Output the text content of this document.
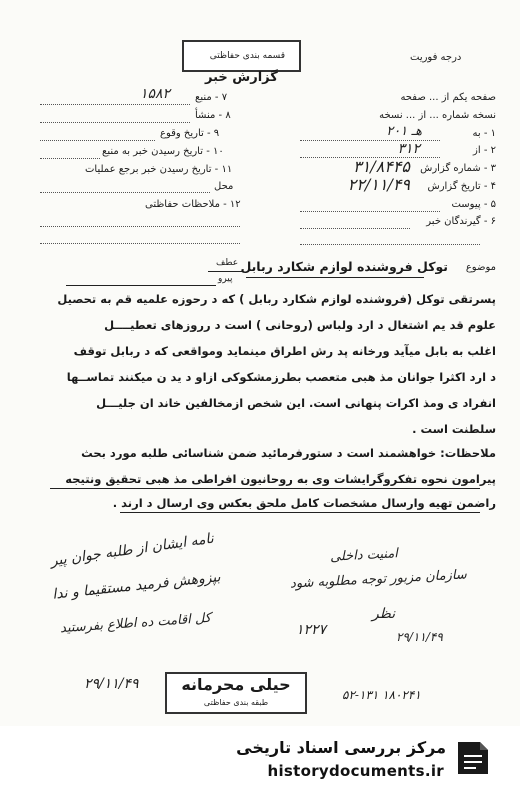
درجه فوریت
قسمه بندی حفاظتی
گزارش خبر
صفحه یکم از ... صفحه
نسخه شماره ... از ... نسخه
۱ - به
۲۰۱ هـ
۲ - از
۳۱۲
۳ - شماره گزارش
۳۱/۸۴۴۵
۴ - تاریخ گزارش
۲۲/۱۱/۴۹
۵ - پیوست
۶ - گیرندگان خبر
۱۵۸۲	۷ - منبع
۸ - منشأ
۹ - تاریخ وقوع
۱۰ - تاریخ رسیدن خبر به منبع
۱۱ - تاریخ رسیدن خبر برجع عملیات
محل
۱۲ - ملاحظات حفاظتی
موضوع
توکل فروشنده لوازم شکارد ربابل
عطف
پیرو
پسرتقی توکل (فروشنده لوازم شکارد ربابل ) که د رحوزه علمیه قم به تحصیل
علوم قد یم اشتغال د ارد ولباس (روحانی ) است د رروزهای تعطیــــل
اغلب به بابل میآید ورخانه پد رش اطراق مینماید ومواقعی که د ربابل توقف
د ارد اکثرا جوانان مذ هبی متعصب بطرزمشکوکی ازاو د ید ن میکنند تماســها
انفراد ی ومذ اکرات پنهانی است. این شخص ازمخالفین خاند ان جلیـــل
سلطنت است .
ملاحظات: خواهشمند است د ستورفرمائید ضمن شناسائی طلبه مورد بحث
پیرامون نحوه تفکروگرایشات وی به روحانیون افراطی مذ هبی تحقیق ونتیجه
راضمن تهیه وارسال مشخصات کامل ملحق بعکس وی ارسال د ارند .
نامه ایشان از طلبه جوان پیر
بپزوهش فرمید مستقیما و ندا
کل اقامت ده اطلاع بفرستید
۲۹/۱۱/۴۹
امنیت داخلی
سازمان مزبور توجه مطلوبه شود
۱۲۲۷
نظر
۲۹/۱۱/۴۹
حیلی محرمانه
طبقه بندی حفاظتی
۵۲-۱۳۱ ۱۸۰۲۴۱
مرکز بررسی اسناد تاریخی
historydocuments.ir
